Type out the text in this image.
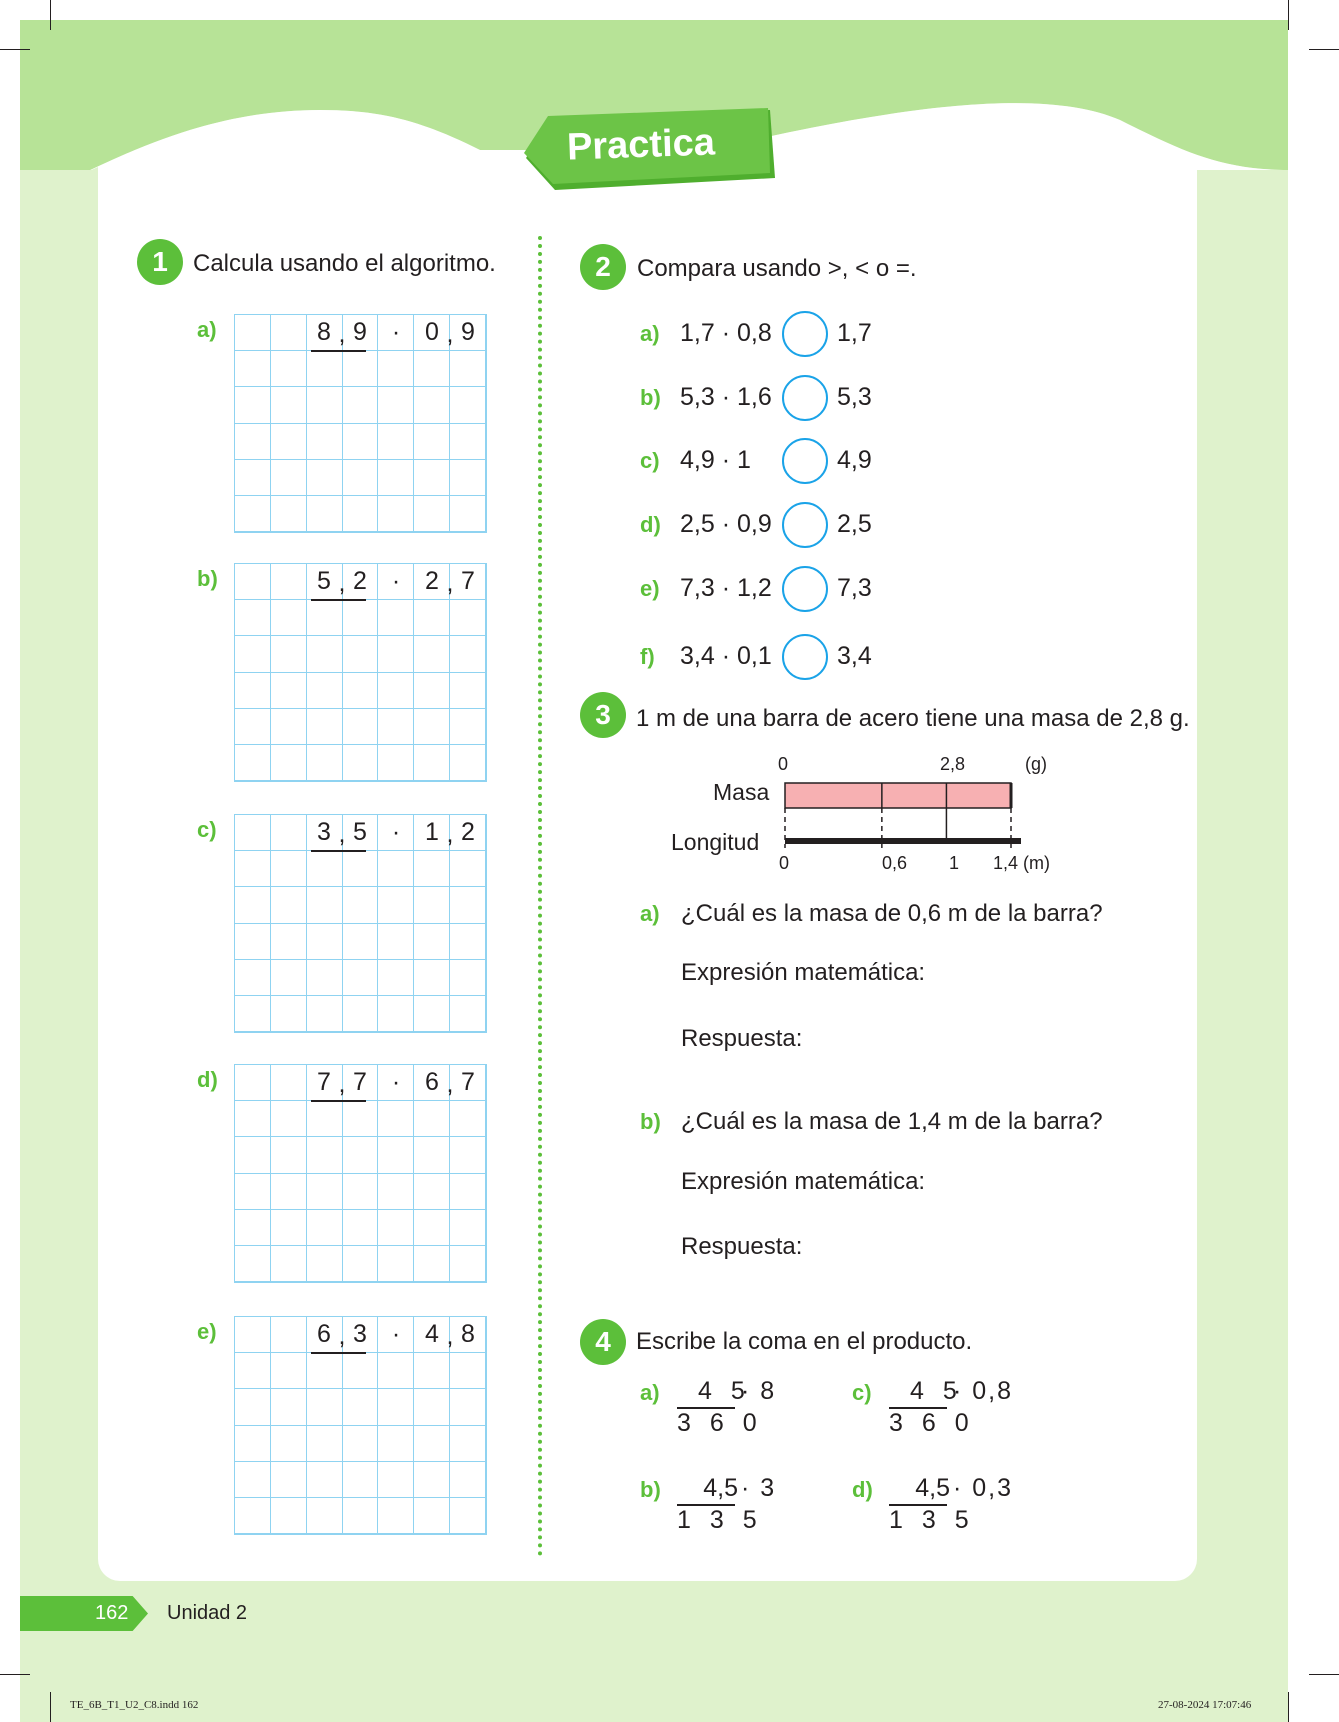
Practica
1	Calcula usando el algoritmo.
a)	8 9	0 9
,	,
·
b)	5 2	2 7
,	,
·
c)	3 5	1 2
,	,
·
d)	7 7	6 7
,	,
·
e)	6 3	4 8
,	,
·
2	Compara usando >, < o =.
a) 1,7 · 0,8	1,7
b) 5,3 · 1,6	5,3
c) 4,9 · 1	4,9
d) 2,5 · 0,9	2,5
e) 7,3 · 1,2	7,3
f) 3,4 · 0,1	3,4
3	1 m de una barra de acero tiene una masa de 2,8 g.
0	2,8	(g)
Masa
Longitud
0	0,6 1 1,4 (m)
a) ¿Cuál es la masa de 0,6 m de la barra?
Expresión matemática:
Respuesta:
b) ¿Cuál es la masa de 1,4 m de la barra?
Expresión matemática:
Respuesta:
4	Escribe la coma en el producto.
a) 4 5
· 8
3 6 0
b) 4,5 · 3
1 3 5
c) 4 5
· 0,8
3 6 0
d) 4,5 · 0,3
1 3 5
162 Unidad 2
TE_6B_T1_U2_C8.indd 162	27-08-2024 17:07:46
